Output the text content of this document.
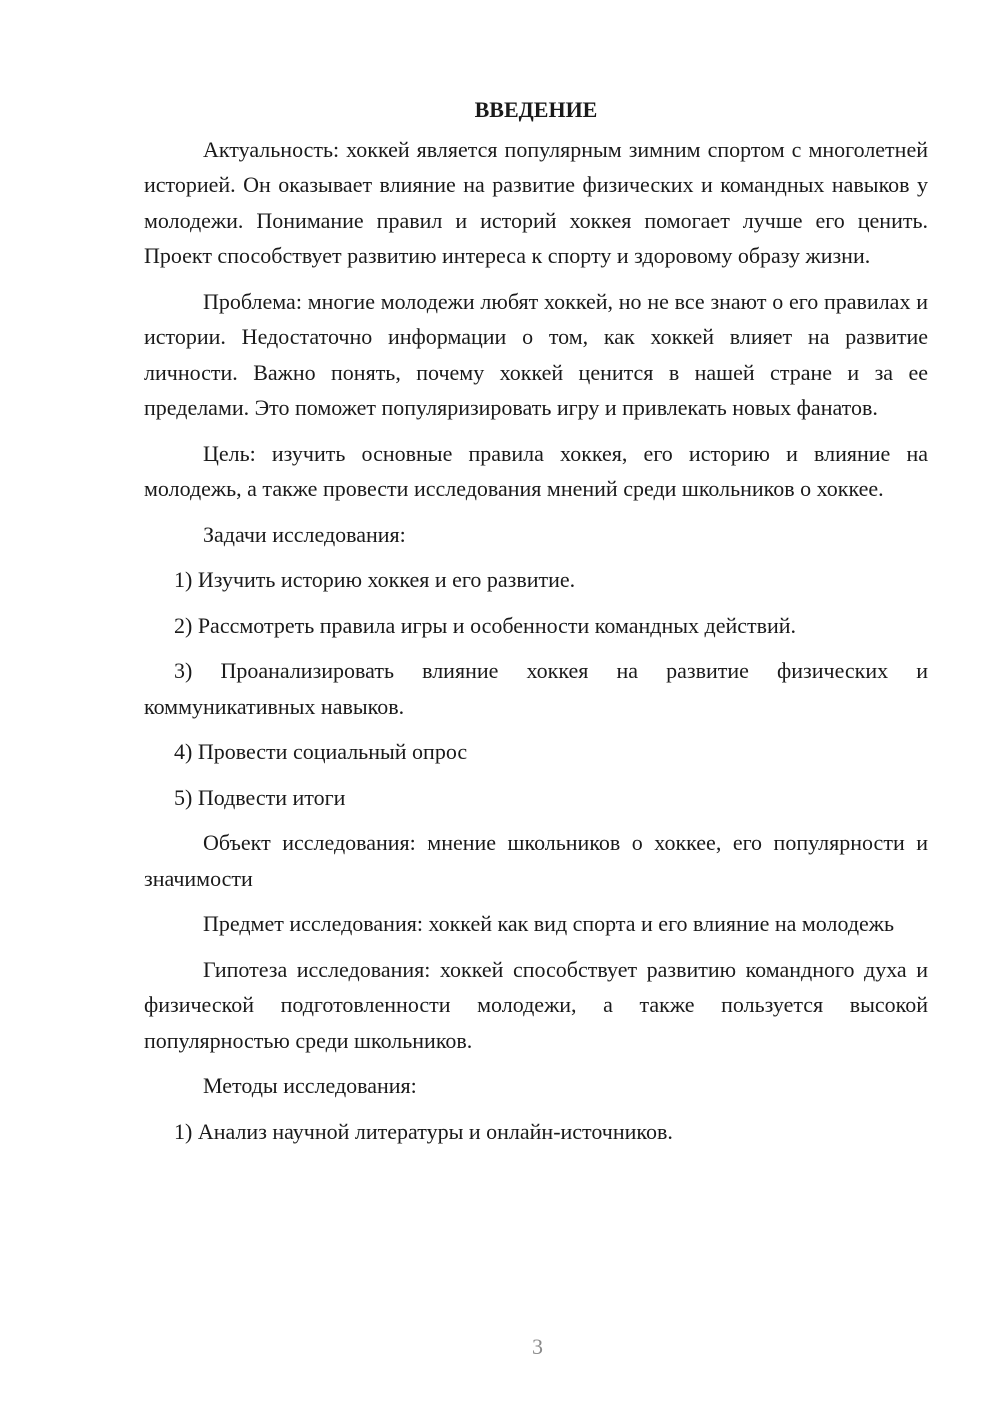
ВВЕДЕНИЕ

Актуальность: хоккей является популярным зимним спортом с многолетней историей. Он оказывает влияние на развитие физических и командных навыков у молодежи. Понимание правил и историй хоккея помогает лучше его ценить. Проект способствует развитию интереса к спорту и здоровому образу жизни.

Проблема: многие молодежи любят хоккей, но не все знают о его правилах и истории. Недостаточно информации о том, как хоккей влияет на развитие личности. Важно понять, почему хоккей ценится в нашей стране и за ее пределами. Это поможет популяризировать игру и привлекать новых фанатов.

Цель: изучить основные правила хоккея, его историю и влияние на молодежь, а также провести исследования мнений среди школьников о хоккее.

Задачи исследования:

1) Изучить историю хоккея и его развитие.

2) Рассмотреть правила игры и особенности командных действий.

3) Проанализировать влияние хоккея на развитие физических и коммуникативных навыков.

4) Провести социальный опрос

5) Подвести итоги

Объект исследования: мнение школьников о хоккее, его популярности и значимости

Предмет исследования: хоккей как вид спорта и его влияние на молодежь

Гипотеза исследования: хоккей способствует развитию командного духа и физической подготовленности молодежи, а также пользуется высокой популярностью среди школьников.

Методы исследования:

1) Анализ научной литературы и онлайн-источников.

3
